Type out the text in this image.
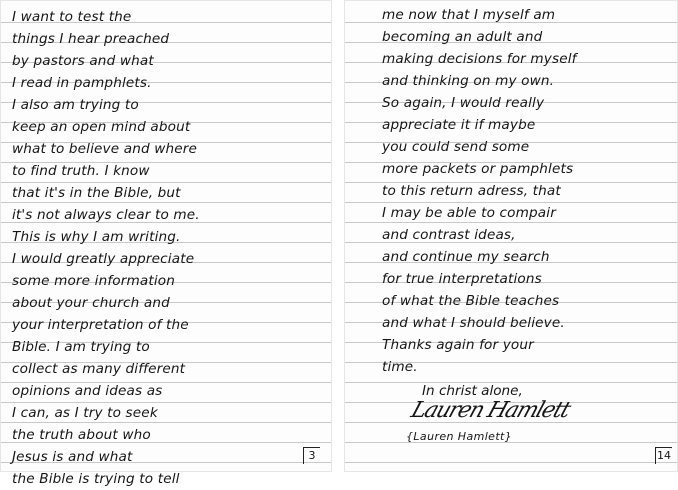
I want to test the
things I hear preached
by pastors and what
I read in pamphlets.
I also am trying to
keep an open mind about
what to believe and where
to find truth. I know
that it's in the Bible, but
it's not always clear to me.
This is why I am writing.
I would greatly appreciate
some more information
about your church and
your interpretation of the
Bible. I am trying to
collect as many different
opinions and ideas as
I can, as I try to seek
the truth about who
Jesus is and what
the Bible is trying to tell
3
me now that I myself am
becoming an adult and
making decisions for myself
and thinking on my own.
So again, I would really
appreciate it if maybe
you could send some
more packets or pamphlets
to this return adress, that
I may be able to compair
and contrast ideas,
and continue my search
for true interpretations
of what the Bible teaches
and what I should believe.
Thanks again for your
time.
In christ alone,
Lauren Hamlett
{Lauren Hamlett}
14
